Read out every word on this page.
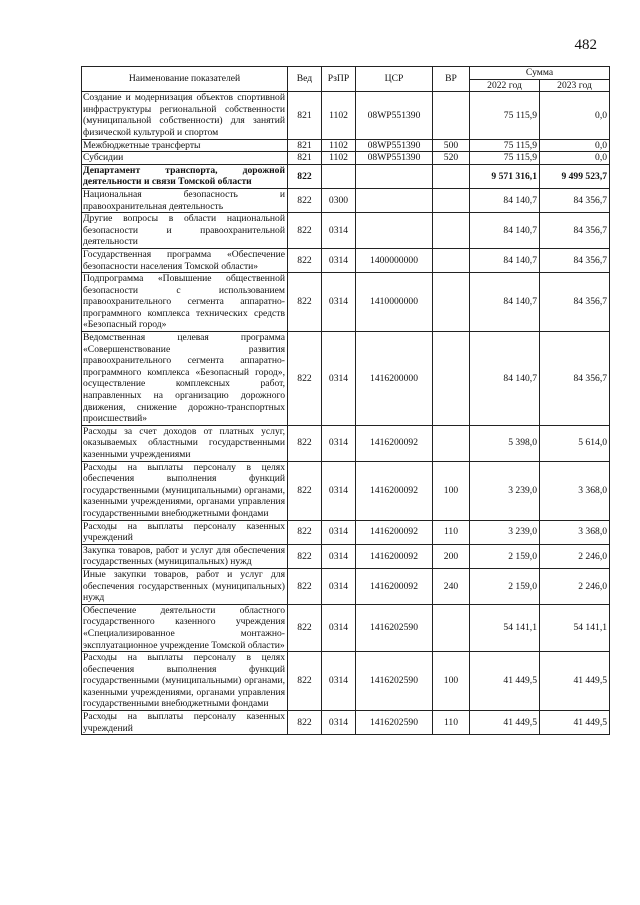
482
Наименование показателей	Вед	РзПР	ЦСР	ВР	Сумма	
					2022 год	2023 год
Создание и модернизация объектов спортивной инфраструктуры региональной собственности (муниципальной собственности) для занятий физической культурой и спортом	821	1102	08WP551390		75 115,9	0,0
Межбюджетные трансферты	821	1102	08WP551390	500	75 115,9	0,0
Субсидии	821	1102	08WP551390	520	75 115,9	0,0
Департамент транспорта, дорожной деятельности и связи Томской области	822				9 571 316,1	9 499 523,7
Национальная безопасность и правоохранительная деятельность	822	0300			84 140,7	84 356,7
Другие вопросы в области национальной безопасности и правоохранительной деятельности	822	0314			84 140,7	84 356,7
Государственная программа «Обеспечение безопасности населения Томской области»	822	0314	1400000000		84 140,7	84 356,7
Подпрограмма «Повышение общественной безопасности с использованием правоохранительного сегмента аппаратно-программного комплекса технических средств «Безопасный город»	822	0314	1410000000		84 140,7	84 356,7
Ведомственная целевая программа «Совершенствование развития правоохранительного сегмента аппаратно-программного комплекса «Безопасный город», осуществление комплексных работ, направленных на организацию дорожного движения, снижение дорожно-транспортных происшествий»	822	0314	1416200000		84 140,7	84 356,7
Расходы за счет доходов от платных услуг, оказываемых областными государственными казенными учреждениями	822	0314	1416200092		5 398,0	5 614,0
Расходы на выплаты персоналу в целях обеспечения выполнения функций государственными (муниципальными) органами, казенными учреждениями, органами управления государственными внебюджетными фондами	822	0314	1416200092	100	3 239,0	3 368,0
Расходы на выплаты персоналу казенных учреждений	822	0314	1416200092	110	3 239,0	3 368,0
Закупка товаров, работ и услуг для обеспечения государственных (муниципальных) нужд	822	0314	1416200092	200	2 159,0	2 246,0
Иные закупки товаров, работ и услуг для обеспечения государственных (муниципальных) нужд	822	0314	1416200092	240	2 159,0	2 246,0
Обеспечение деятельности областного государственного казенного учреждения «Специализированное монтажно-эксплуатационное учреждение Томской области»	822	0314	1416202590		54 141,1	54 141,1
Расходы на выплаты персоналу в целях обеспечения выполнения функций государственными (муниципальными) органами, казенными учреждениями, органами управления государственными внебюджетными фондами	822	0314	1416202590	100	41 449,5	41 449,5
Расходы на выплаты персоналу казенных учреждений	822	0314	1416202590	110	41 449,5	41 449,5
